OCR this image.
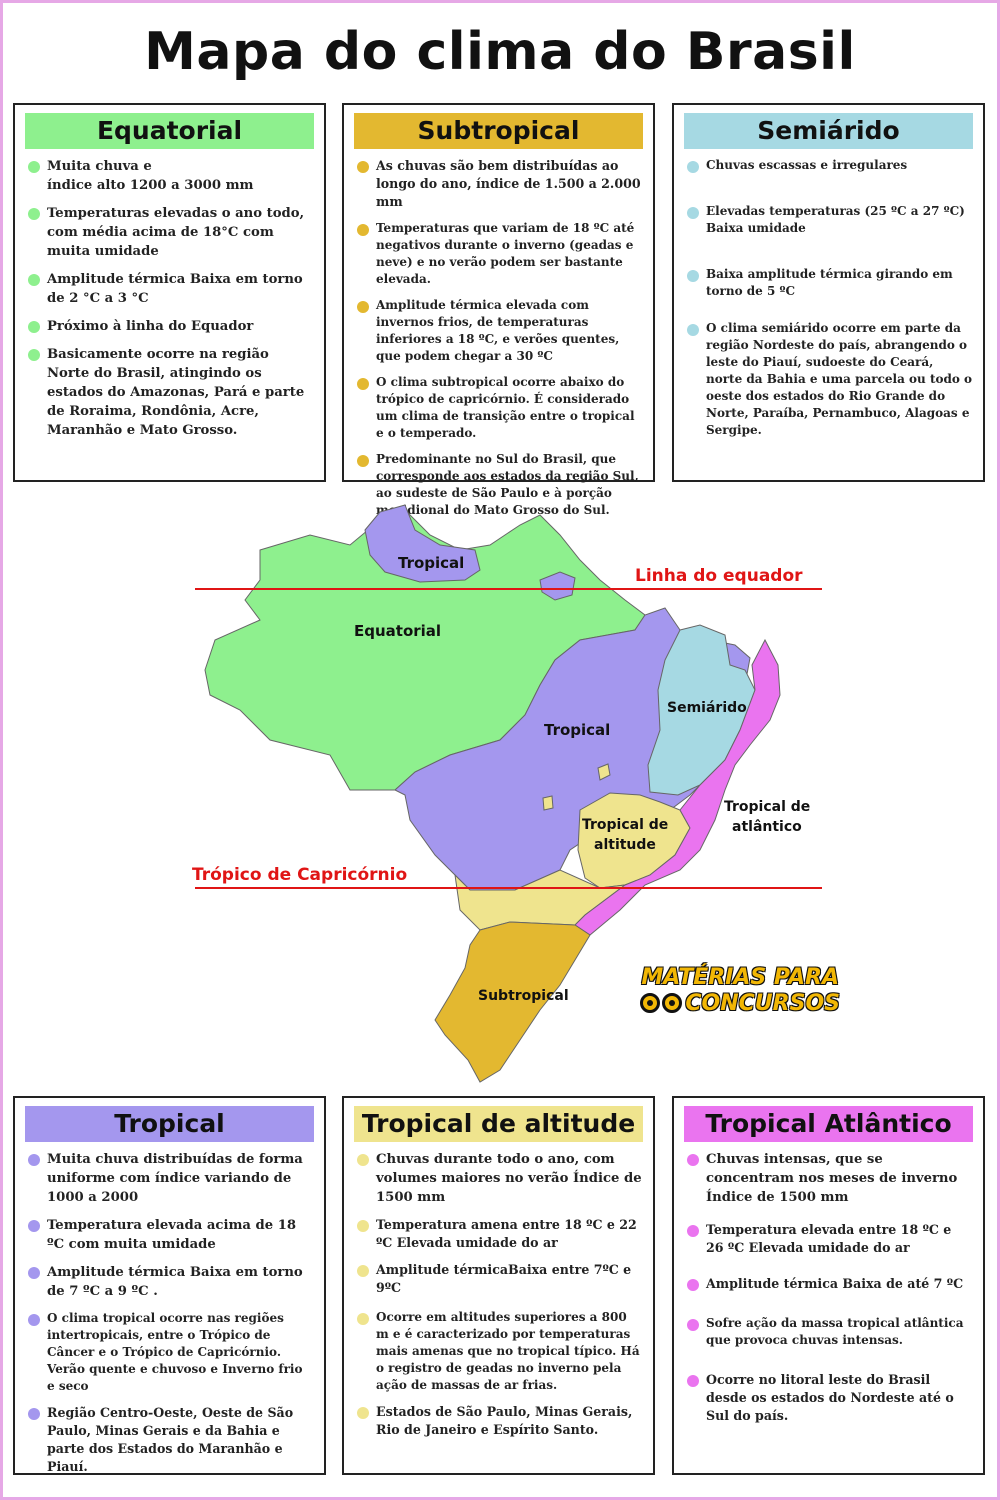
Mapa do clima do Brasil
Equatorial
Muita chuva e
índice alto 1200 a 3000 mm
Temperaturas elevadas o ano todo, com média acima de 18°C com muita umidade
Amplitude térmica Baixa em torno de 2 °C a 3 °C
Próximo à linha do Equador
Basicamente ocorre na região Norte do Brasil, atingindo os estados do Amazonas, Pará e parte de Roraima, Rondônia, Acre, Maranhão e Mato Grosso.
Subtropical
As chuvas são bem distribuídas ao longo do ano, índice de 1.500 a 2.000 mm
Temperaturas que variam de 18 ºC até negativos durante o inverno (geadas e neve) e no verão podem ser bastante elevada.
Amplitude térmica elevada com invernos frios, de temperaturas inferiores a 18 ºC, e verões quentes, que podem chegar a 30 ºC
O clima subtropical ocorre abaixo do trópico de capricórnio. É considerado um clima de transição entre o tropical e o temperado.
Predominante no Sul do Brasil, que corresponde aos estados da região Sul, ao sudeste de São Paulo e à porção meridional do Mato Grosso do Sul.
Semiárido
Chuvas escassas e irregulares
Elevadas temperaturas (25 ºC a 27 ºC) Baixa umidade
Baixa amplitude térmica girando em torno de 5 ºC
O clima semiárido ocorre em parte da região Nordeste do país, abrangendo o leste do Piauí, sudoeste do Ceará, norte da Bahia e uma parcela ou todo o oeste dos estados do Rio Grande do Norte, Paraíba, Pernambuco, Alagoas e Sergipe.
Linha do equador
Trópico de Capricórnio
Tropical
Equatorial
Tropical
Semiárido
Tropical de
altitude
Tropical de
atlântico
Subtropical
MATÉRIAS PARA
CONCURSOS
Tropical
Muita chuva distribuídas de forma uniforme com índice variando de 1000 a 2000
Temperatura elevada acima de 18 ºC com muita umidade
Amplitude térmica Baixa em torno de 7 ºC a 9 ºC .
O clima tropical ocorre nas regiões intertropicais, entre o Trópico de Câncer e o Trópico de Capricórnio. Verão quente e chuvoso e Inverno frio e seco
Região Centro-Oeste, Oeste de São Paulo, Minas Gerais e da Bahia e parte dos Estados do Maranhão e Piauí.
Tropical de altitude
Chuvas durante todo o ano, com volumes maiores no verão Índice de 1500 mm
Temperatura amena entre 18 ºC e 22 ºC Elevada umidade do ar
Amplitude térmicaBaixa entre 7ºC e 9ºC
Ocorre em altitudes superiores a 800 m e é caracterizado por temperaturas mais amenas que no tropical típico. Há o registro de geadas no inverno pela ação de massas de ar frias.
Estados de São Paulo, Minas Gerais, Rio de Janeiro e Espírito Santo.
Tropical Atlântico
Chuvas intensas, que se concentram nos meses de inverno
Índice de 1500 mm
Temperatura elevada entre 18 ºC e 26 ºC Elevada umidade do ar
Amplitude térmica Baixa de até 7 ºC
Sofre ação da massa tropical atlântica que provoca chuvas intensas.
Ocorre no litoral leste do Brasil desde os estados do Nordeste até o Sul do país.
